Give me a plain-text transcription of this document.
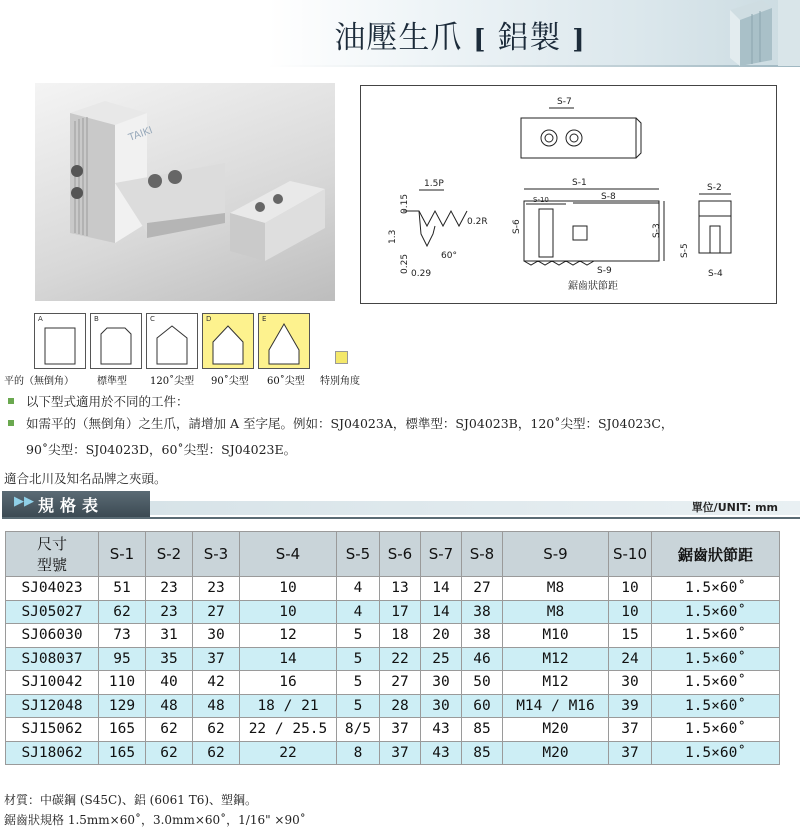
油壓生爪 [ 鋁製 ]
TAIKI
S-7
S-1
S-8
S-10
S-6	S-3
S-9
鋸齒狀節距
1.5P
0.2R
0.15
1.3
0.25 0.29
60°
S-2
S-5
S-4
A	B	C	D	E
平的（無倒角） 標準型 120˚尖型 90˚尖型 60˚尖型 特別角度
以下型式適用於不同的工件：
如需平的（無倒角）之生爪，請增加 A 至字尾。例如：SJ04023A，標準型：SJ04023B，120˚尖型：SJ04023C，
90˚尖型：SJ04023D，60˚尖型：SJ04023E。
適合北川及知名品牌之夾頭。
▶▶ 規格表	單位/UNIT: mm
尺寸
型號	S-1	S-2	S-3	S-4	S-5	S-6	S-7	S-8	S-9	S-10	鋸齒狀節距
SJ04023	51	23	23	10	4	13	14	27	M8	10	1.5×60˚
SJ05027	62	23	27	10	4	17	14	38	M8	10	1.5×60˚
SJ06030	73	31	30	12	5	18	20	38	M10	15	1.5×60˚
SJ08037	95	35	37	14	5	22	25	46	M12	24	1.5×60˚
SJ10042	110	40	42	16	5	27	30	50	M12	30	1.5×60˚
SJ12048	129	48	48	18 / 21	5	28	30	60	M14 / M16	39	1.5×60˚
SJ15062	165	62	62	22 / 25.5	8/5	37	43	85	M20	37	1.5×60˚
SJ18062	165	62	62	22	8	37	43	85	M20	37	1.5×60˚
材質：中碳鋼 (S45C)、鋁 (6061 T6)、塑鋼。
鋸齒狀規格 1.5mm×60˚，3.0mm×60˚，1/16" ×90˚
